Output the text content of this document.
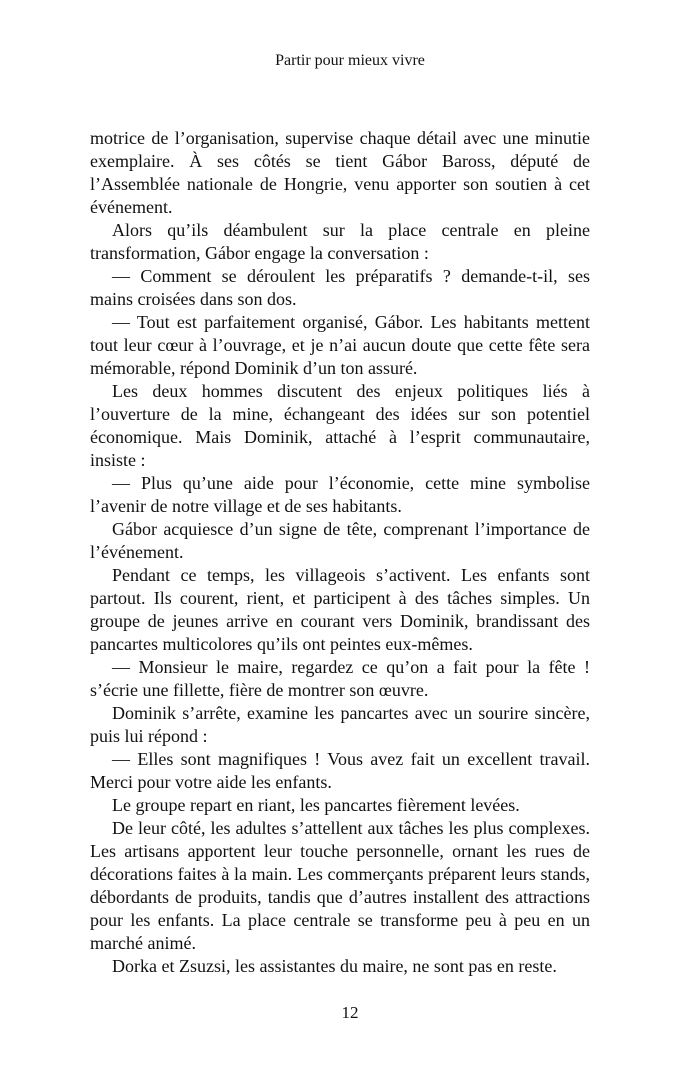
Partir pour mieux vivre

motrice de l’organisation, supervise chaque détail avec une minutie exemplaire. À ses côtés se tient Gábor Baross, député de l’Assemblée nationale de Hongrie, venu apporter son soutien à cet événement.

Alors qu’ils déambulent sur la place centrale en pleine transformation, Gábor engage la conversation :

— Comment se déroulent les préparatifs ? demande-t-il, ses mains croisées dans son dos.

— Tout est parfaitement organisé, Gábor. Les habitants mettent tout leur cœur à l’ouvrage, et je n’ai aucun doute que cette fête sera mémorable, répond Dominik d’un ton assuré.

Les deux hommes discutent des enjeux politiques liés à l’ouverture de la mine, échangeant des idées sur son potentiel économique. Mais Dominik, attaché à l’esprit communautaire, insiste :

— Plus qu’une aide pour l’économie, cette mine symbolise l’avenir de notre village et de ses habitants.

Gábor acquiesce d’un signe de tête, comprenant l’importance de l’événement.

Pendant ce temps, les villageois s’activent. Les enfants sont partout. Ils courent, rient, et participent à des tâches simples. Un groupe de jeunes arrive en courant vers Dominik, brandissant des pancartes multicolores qu’ils ont peintes eux-mêmes.

— Monsieur le maire, regardez ce qu’on a fait pour la fête ! s’écrie une fillette, fière de montrer son œuvre.

Dominik s’arrête, examine les pancartes avec un sourire sincère, puis lui répond :

— Elles sont magnifiques ! Vous avez fait un excellent travail. Merci pour votre aide les enfants.

Le groupe repart en riant, les pancartes fièrement levées.

De leur côté, les adultes s’attellent aux tâches les plus complexes. Les artisans apportent leur touche personnelle, ornant les rues de décorations faites à la main. Les commerçants préparent leurs stands, débordants de produits, tandis que d’autres installent des attractions pour les enfants. La place centrale se transforme peu à peu en un marché animé.

Dorka et Zsuzsi, les assistantes du maire, ne sont pas en reste.

12
